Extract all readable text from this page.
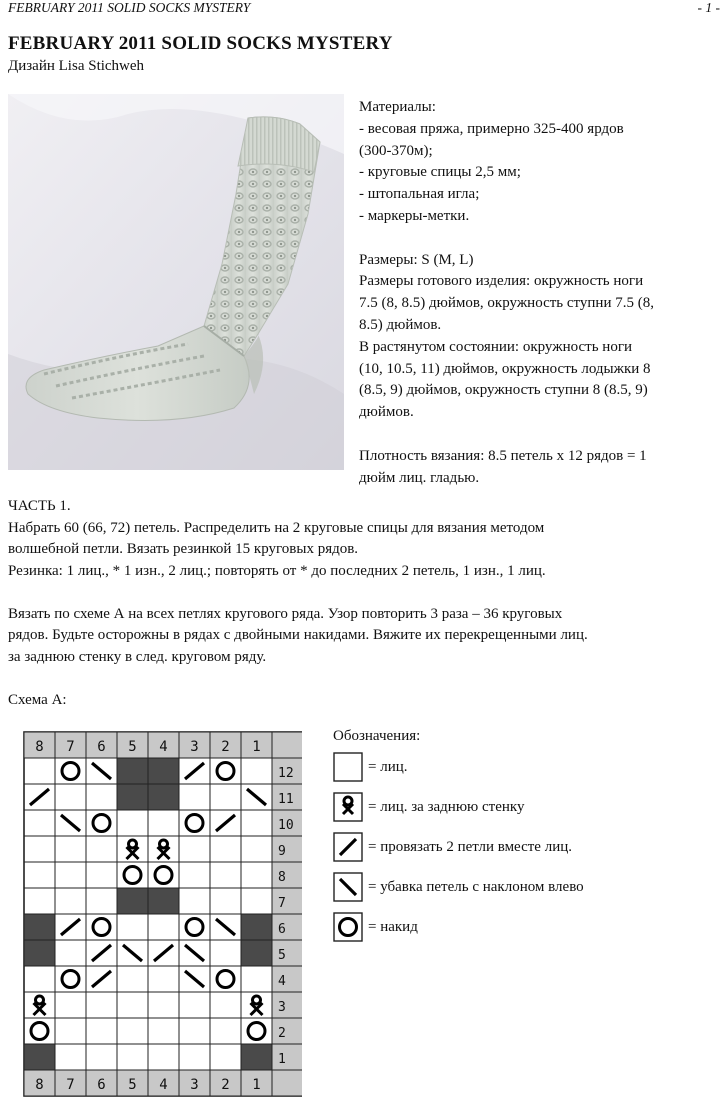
FEBRUARY 2011 SOLID SOCKS MYSTERY	- 1 -
FEBRUARY 2011 SOLID SOCKS MYSTERY
Дизайн Lisa Stichweh

Материалы:

- весовая пряжа, примерно 325-400 ярдов

(300-370м);

- круговые спицы 2,5 мм;

- штопальная игла;

- маркеры-метки.

Размеры: S (M, L)

Размеры готового изделия: окружность ноги

7.5 (8, 8.5) дюймов, окружность ступни 7.5 (8,

8.5) дюймов.

В растянутом состоянии: окружность ноги

(10, 10.5, 11) дюймов, окружность лодыжки 8

(8.5, 9) дюймов, окружность ступни 8 (8.5, 9)

дюймов.

Плотность вязания: 8.5 петель x 12 рядов = 1

дюйм лиц. гладью.

ЧАСТЬ 1.

Набрать 60 (66, 72) петель. Распределить на 2 круговые спицы для вязания методом

волшебной петли. Вязать резинкой 15 круговых рядов.

Резинка: 1 лиц., * 1 изн., 2 лиц.; повторять от * до последних 2 петель, 1 изн., 1 лиц.

Вязать по схеме А на всех петлях кругового ряда. Узор повторить 3 раза – 36 круговых

рядов. Будьте осторожны в рядах с двойными накидами. Вяжите их перекрещенными лиц.

за заднюю стенку в след. круговом ряду.

Схема А:

8
8
7
7
6
6
5
5
4
4
3
3
2
2
1
1
12
11
10
9
8
7
6
5
4
3
2
1
Обозначения:
= лиц.
= лиц. за заднюю стенку
= провязать 2 петли вместе лиц.
= убавка петель с наклоном влево
= накид
